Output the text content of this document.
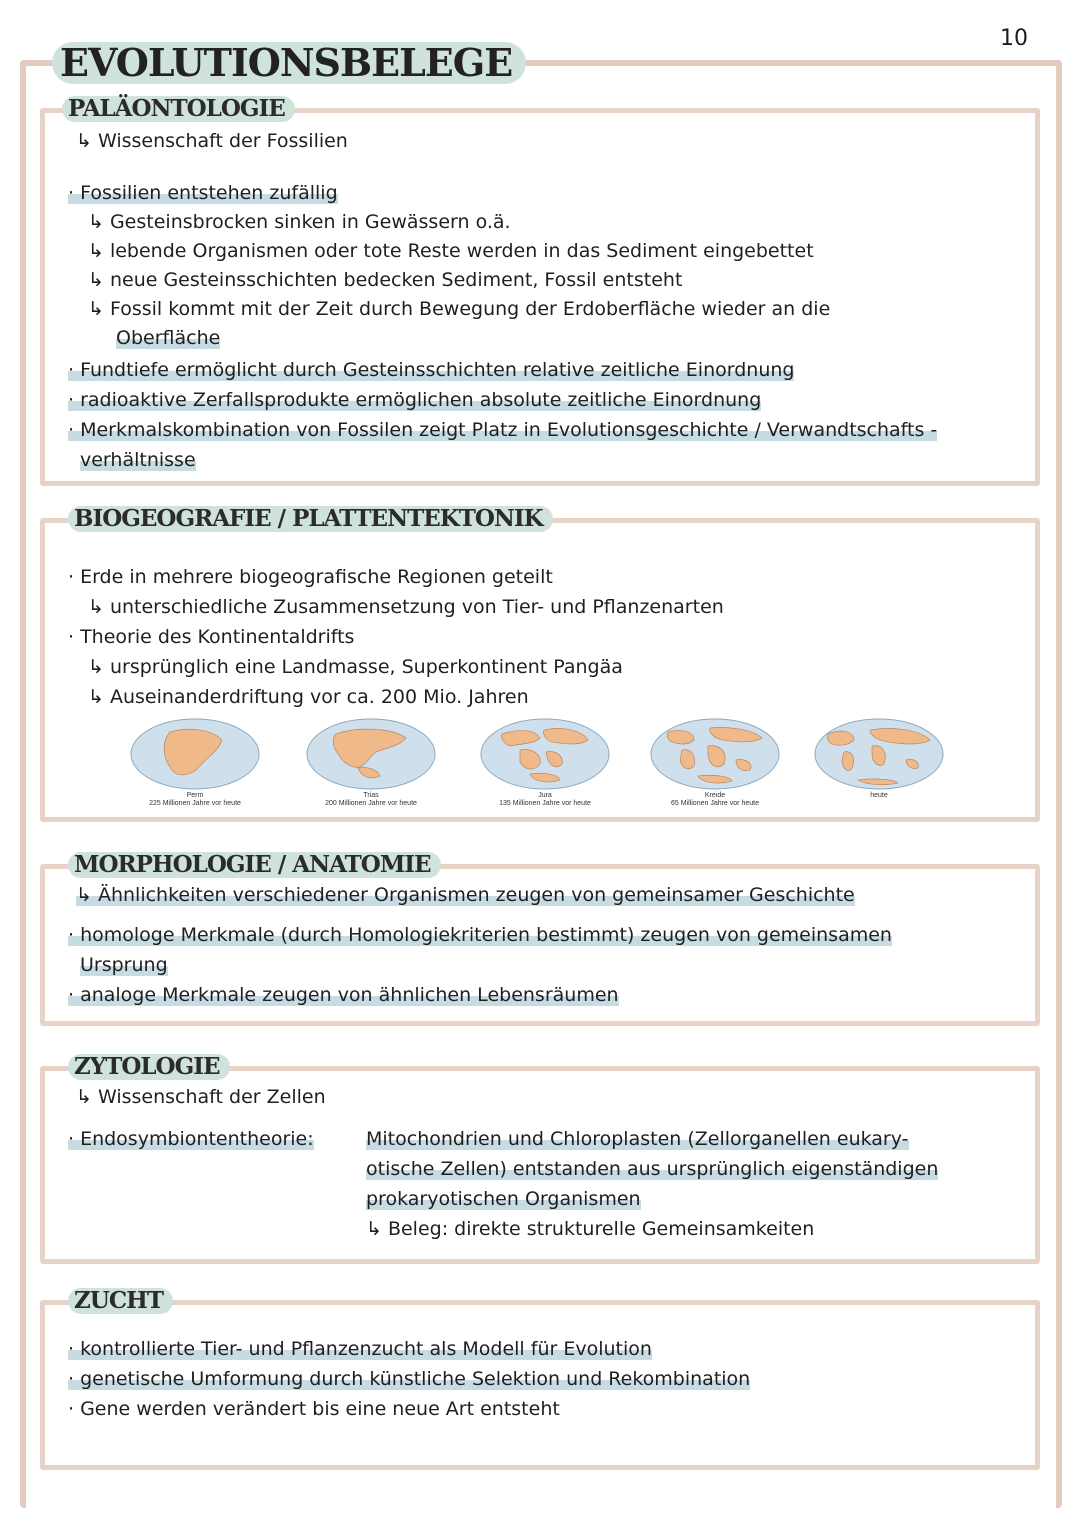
10
EVOLUTIONSBELEGE
PALÄONTOLOGIE
↳ Wissenschaft der Fossilien
· Fossilien entstehen zufällig
↳ Gesteinsbrocken sinken in Gewässern o.ä.
↳ lebende Organismen oder tote Reste werden in das Sediment eingebettet
↳ neue Gesteinsschichten bedecken Sediment, Fossil entsteht
↳ Fossil kommt mit der Zeit durch Bewegung der Erdoberfläche wieder an die
Oberfläche
· Fundtiefe ermöglicht durch Gesteinsschichten relative zeitliche Einordnung
· radioaktive Zerfallsprodukte ermöglichen absolute zeitliche Einordnung
· Merkmalskombination von Fossilen zeigt Platz in Evolutionsgeschichte / Verwandtschafts -
verhältnisse
BIOGEOGRAFIE / PLATTENTEKTONIK
· Erde in mehrere biogeografische Regionen geteilt
↳ unterschiedliche Zusammensetzung von Tier- und Pflanzenarten
· Theorie des Kontinentaldrifts
↳ ursprünglich eine Landmasse, Superkontinent Pangäa
↳ Auseinanderdriftung vor ca. 200 Mio. Jahren
Perm
225 Millionen Jahre vor heute
Trias
200 Millionen Jahre vor heute
Jura
135 Millionen Jahre vor heute
Kreide
65 Millionen Jahre vor heute
heute
MORPHOLOGIE / ANATOMIE
↳ Ähnlichkeiten verschiedener Organismen zeugen von gemeinsamer Geschichte
· homologe Merkmale (durch Homologiekriterien bestimmt) zeugen von gemeinsamen
Ursprung
· analoge Merkmale zeugen von ähnlichen Lebensräumen
ZYTOLOGIE
↳ Wissenschaft der Zellen
· Endosymbiontentheorie:	Mitochondrien und Chloroplasten (Zellorganellen eukary-
otische Zellen) entstanden aus ursprünglich eigenständigen
prokaryotischen Organismen
↳ Beleg: direkte strukturelle Gemeinsamkeiten
ZUCHT
· kontrollierte Tier- und Pflanzenzucht als Modell für Evolution
· genetische Umformung durch künstliche Selektion und Rekombination
· Gene werden verändert bis eine neue Art entsteht
